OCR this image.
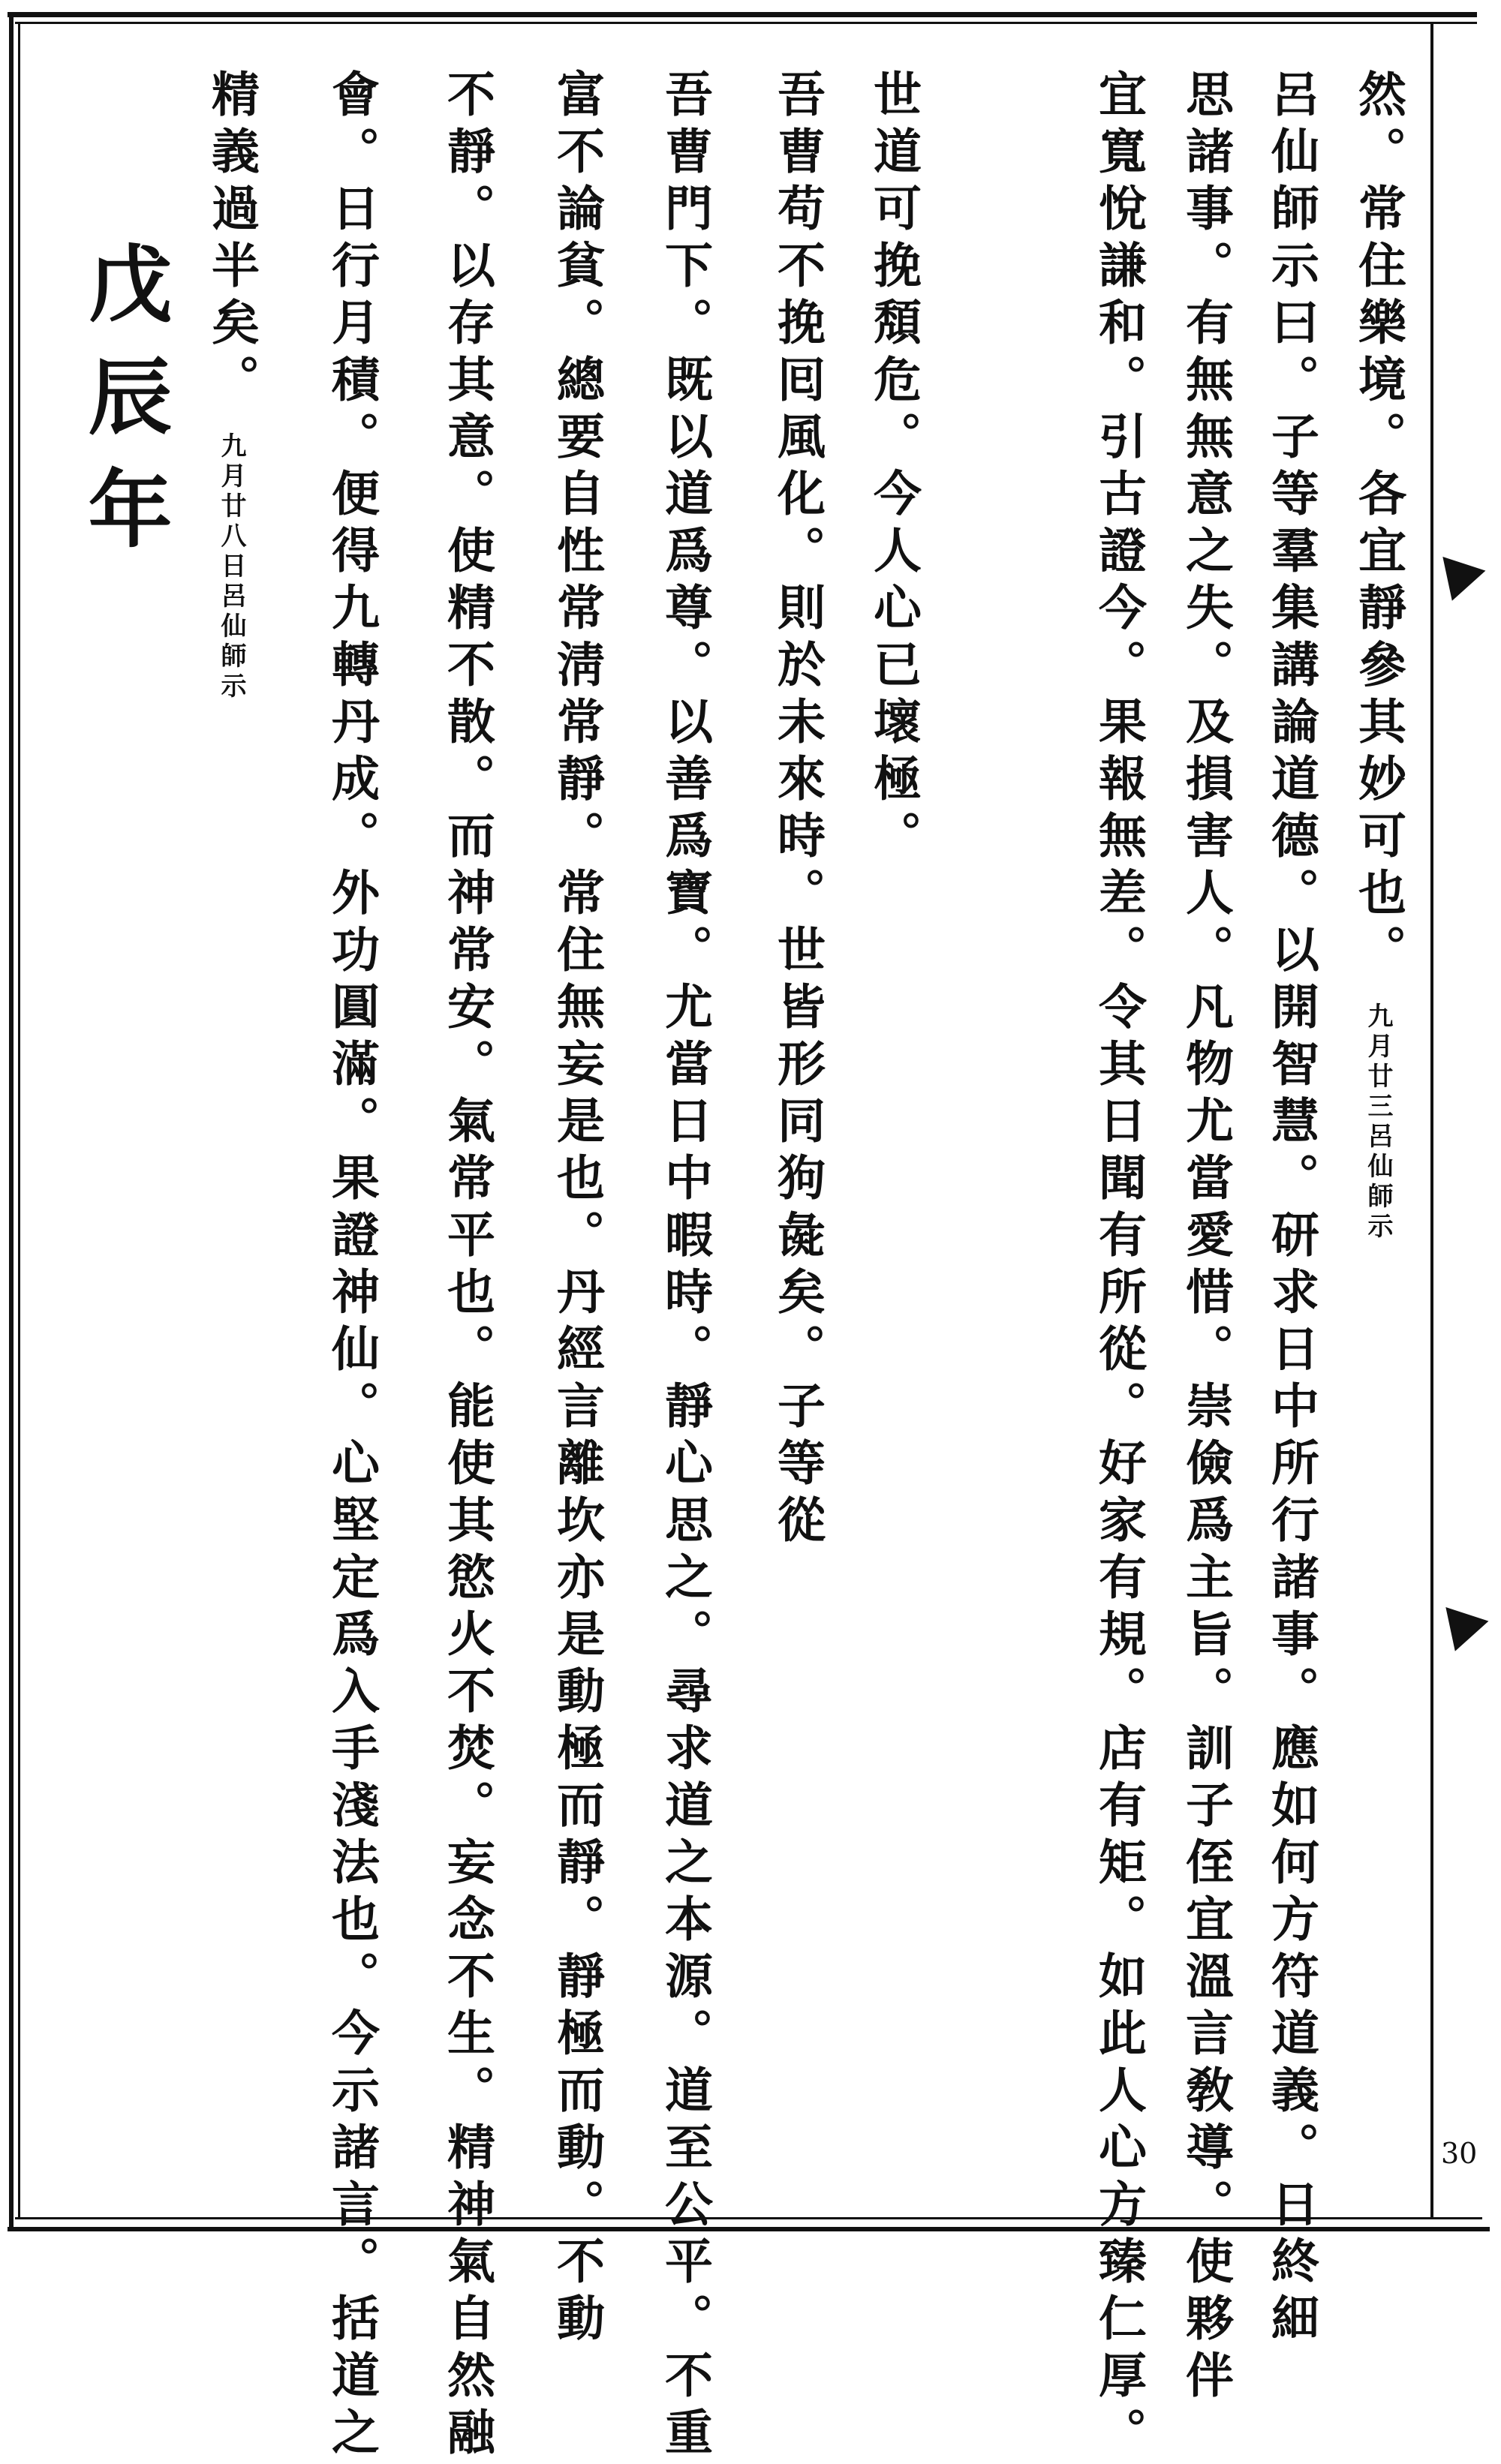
然。常住樂境。各宜靜參其妙可也。九月廿三呂仙師示
呂仙師示曰。子等羣集講論道德。以開智慧。研求日中所行諸事。應如何方符道義。日終細
思諸事。有無無意之失。及損害人。凡物尤當愛惜。崇儉爲主旨。訓子侄宜溫言敎導。使夥伴
宜寬悅謙和。引古證今。果報無差。令其日聞有所從。好家有規。店有矩。如此人心方臻仁厚。
世道可挽頽危。今人心已壞極。
吾曹苟不挽囘風化。則於未來時。世皆形同狗彘矣。子等從
吾曹門下。既以道爲尊。以善爲寶。尤當日中暇時。靜心思之。尋求道之本源。道至公平。不重
富不論貧。總要自性常淸常靜。常住無妄是也。丹經言離坎亦是動極而靜。靜極而動。不動
不靜。以存其意。使精不散。而神常安。氣常平也。能使其慾火不焚。妄念不生。精神氣自然融
會。日行月積。便得九轉丹成。外功圓滿。果證神仙。心堅定爲入手淺法也。今示諸言。括道之
精義過半矣。九月廿八日呂仙師示
戊辰年
30
